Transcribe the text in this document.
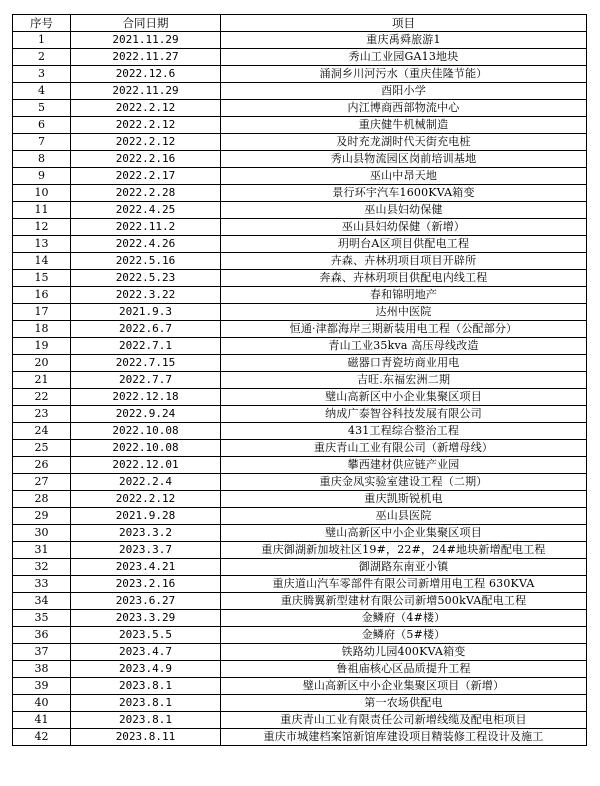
序号	合同日期	项目
1	2021.11.29	重庆禹舜旅游1
2	2022.11.27	秀山工业园GA13地块
3	2022.12.6	涌洞乡川河污水（重庆佳隆节能）
4	2022.11.29	酉阳小学
5	2022.2.12	内江博商西部物流中心
6	2022.2.12	重庆健牛机械制造
7	2022.2.12	及时充龙湖时代天街充电桩
8	2022.2.16	秀山县物流园区岗前培训基地
9	2022.2.17	巫山中昂天地
10	2022.2.28	景行环宇汽车1600KVA箱变
11	2022.4.25	巫山县妇幼保健
12	2022.11.2	巫山县妇幼保健（新增）
13	2022.4.26	玥明台A区项目供配电工程
14	2022.5.16	卉森、卉林玥项目项目开辟所
15	2022.5.23	奔森、卉林玥项目供配电内线工程
16	2022.3.22	春和锦明地产
17	2021.9.3	达州中医院
18	2022.6.7	恒通·津都海岸三期新装用电工程（公配部分）
19	2022.7.1	青山工业35kva 高压母线改造
20	2022.7.15	磁器口青瓷坊商业用电
21	2022.7.7	吉旺.东福宏洲二期
22	2022.12.18	璧山高新区中小企业集聚区项目
23	2022.9.24	纳成广泰智谷科技发展有限公司
24	2022.10.08	431工程综合整治工程
25	2022.10.08	重庆青山工业有限公司（新增母线）
26	2022.12.01	攀西建材供应链产业园
27	2022.2.4	重庆金凤实验室建设工程（二期）
28	2022.2.12	重庆凯斯锐机电
29	2021.9.28	巫山县医院
30	2023.3.2	璧山高新区中小企业集聚区项目
31	2023.3.7	重庆御湖新加坡社区19#，22#，24#地块新增配电工程
32	2023.4.21	御湖路东南亚小镇
33	2023.2.16	重庆道山汽车零部件有限公司新增用电工程 630KVA
34	2023.6.27	重庆腾翼新型建材有限公司新增500kVA配电工程
35	2023.3.29	金鳞府（4#楼）
36	2023.5.5	金鳞府（5#楼）
37	2023.4.7	铁路幼儿园400KVA箱变
38	2023.4.9	鲁祖庙核心区品质提升工程
39	2023.8.1	璧山高新区中小企业集聚区项目（新增）
40	2023.8.1	第一农场供配电
41	2023.8.1	重庆青山工业有限责任公司新增线缆及配电柜项目
42	2023.8.11	重庆市城建档案馆新馆库建设项目精装修工程设计及施工
